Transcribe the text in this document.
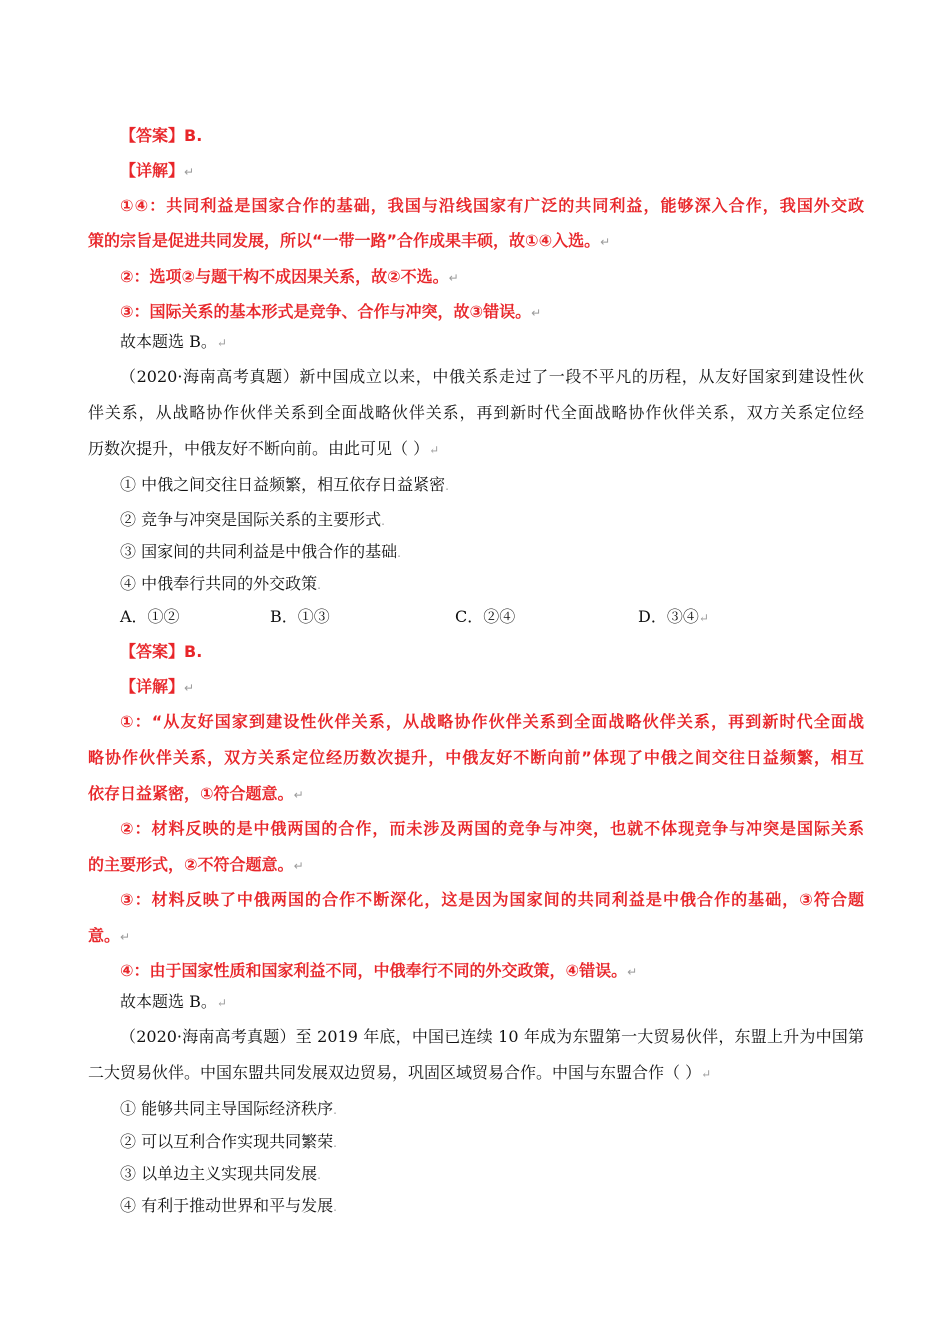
【答案】B.
【详解】↵
①④：共同利益是国家合作的基础，我国与沿线国家有广泛的共同利益，能够深入合作，我国外交政
策的宗旨是促进共同发展，所以“一带一路”合作成果丰硕，故①④入选。↵
②：选项②与题干构不成因果关系，故②不选。↵
③：国际关系的基本形式是竞争、合作与冲突，故③错误。↵
故本题选 B。↵
（2020·海南高考真题）新中国成立以来，中俄关系走过了一段不平凡的历程，从友好国家到建设性伙
伴关系，从战略协作伙伴关系到全面战略伙伴关系，再到新时代全面战略协作伙伴关系，双方关系定位经
历数次提升，中俄友好不断向前。由此可见（ ）↵
① 中俄之间交往日益频繁，相互依存日益紧密.
② 竞争与冲突是国际关系的主要形式.
③ 国家间的共同利益是中俄合作的基础.
④ 中俄奉行共同的外交政策.
A．①②	B．①③	C．②④	D．③④↵
【答案】B.
【详解】↵
①：“从友好国家到建设性伙伴关系，从战略协作伙伴关系到全面战略伙伴关系，再到新时代全面战
略协作伙伴关系，双方关系定位经历数次提升，中俄友好不断向前”体现了中俄之间交往日益频繁，相互
依存日益紧密，①符合题意。↵
②：材料反映的是中俄两国的合作，而未涉及两国的竞争与冲突，也就不体现竞争与冲突是国际关系
的主要形式，②不符合题意。↵
③：材料反映了中俄两国的合作不断深化，这是因为国家间的共同利益是中俄合作的基础，③符合题
意。↵
④：由于国家性质和国家利益不同，中俄奉行不同的外交政策，④错误。↵
故本题选 B。↵
（2020·海南高考真题）至 2019 年底，中国已连续 10 年成为东盟第一大贸易伙伴，东盟上升为中国第
二大贸易伙伴。中国东盟共同发展双边贸易，巩固区域贸易合作。中国与东盟合作（ ）↵
① 能够共同主导国际经济秩序.
② 可以互利合作实现共同繁荣.
③ 以单边主义实现共同发展.
④ 有利于推动世界和平与发展.
